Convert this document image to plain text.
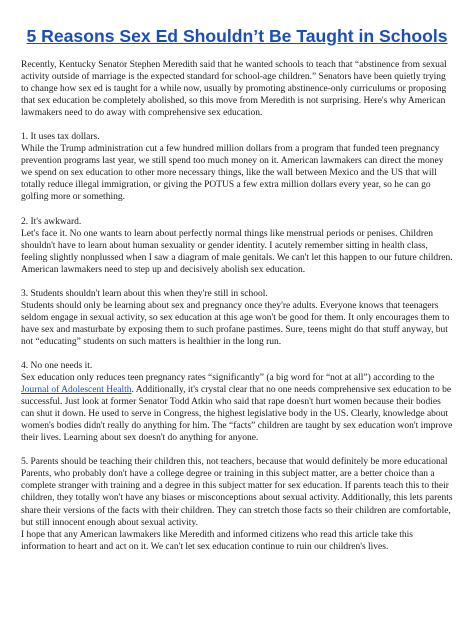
5 Reasons Sex Ed Shouldn’t Be Taught in Schools

Recently, Kentucky Senator Stephen Meredith said that he wanted schools to teach that “abstinence from sexual activity outside of marriage is the expected standard for school-age children.” Senators have been quietly trying to change how sex ed is taught for a while now, usually by promoting abstinence-only curriculums or proposing that sex education be completely abolished, so this move from Meredith is not surprising. Here's why American lawmakers need to do away with comprehensive sex education.

1. It uses tax dollars.

While the Trump administration cut a few hundred million dollars from a program that funded teen pregnancy prevention programs last year, we still spend too much money on it. American lawmakers can direct the money we spend on sex education to other more necessary things, like the wall between Mexico and the US that will totally reduce illegal immigration, or giving the POTUS a few extra million dollars every year, so he can go golfing more or something.

2. It's awkward.

Let's face it. No one wants to learn about perfectly normal things like menstrual periods or penises. Children shouldn't have to learn about human sexuality or gender identity. I acutely remember sitting in health class, feeling slightly nonplussed when I saw a diagram of male genitals. We can't let this happen to our future children. American lawmakers need to step up and decisively abolish sex education.

3. Students shouldn't learn about this when they're still in school.

Students should only be learning about sex and pregnancy once they're adults. Everyone knows that teenagers seldom engage in sexual activity, so sex education at this age won't be good for them. It only encourages them to have sex and masturbate by exposing them to such profane pastimes. Sure, teens might do that stuff anyway, but not “educating” students on such matters is healthier in the long run.

4. No one needs it.

Sex education only reduces teen pregnancy rates “significantly” (a big word for “not at all”) according to the Journal of Adolescent Health. Additionally, it's crystal clear that no one needs comprehensive sex education to be successful. Just look at former Senator Todd Atkin who said that rape doesn't hurt women because their bodies can shut it down. He used to serve in Congress, the highest legislative body in the US. Clearly, knowledge about women's bodies didn't really do anything for him. The “facts” children are taught by sex education won't improve their lives. Learning about sex doesn't do anything for anyone.

5. Parents should be teaching their children this, not teachers, because that would definitely be more educational

Parents, who probably don't have a college degree or training in this subject matter, are a better choice than a complete stranger with training and a degree in this subject matter for sex education. If parents teach this to their children, they totally won't have any biases or misconceptions about sexual activity. Additionally, this lets parents share their versions of the facts with their children. They can stretch those facts so their children are comfortable, but still innocent enough about sexual activity.

I hope that any American lawmakers like Meredith and informed citizens who read this article take this information to heart and act on it. We can't let sex education continue to ruin our children's lives.
